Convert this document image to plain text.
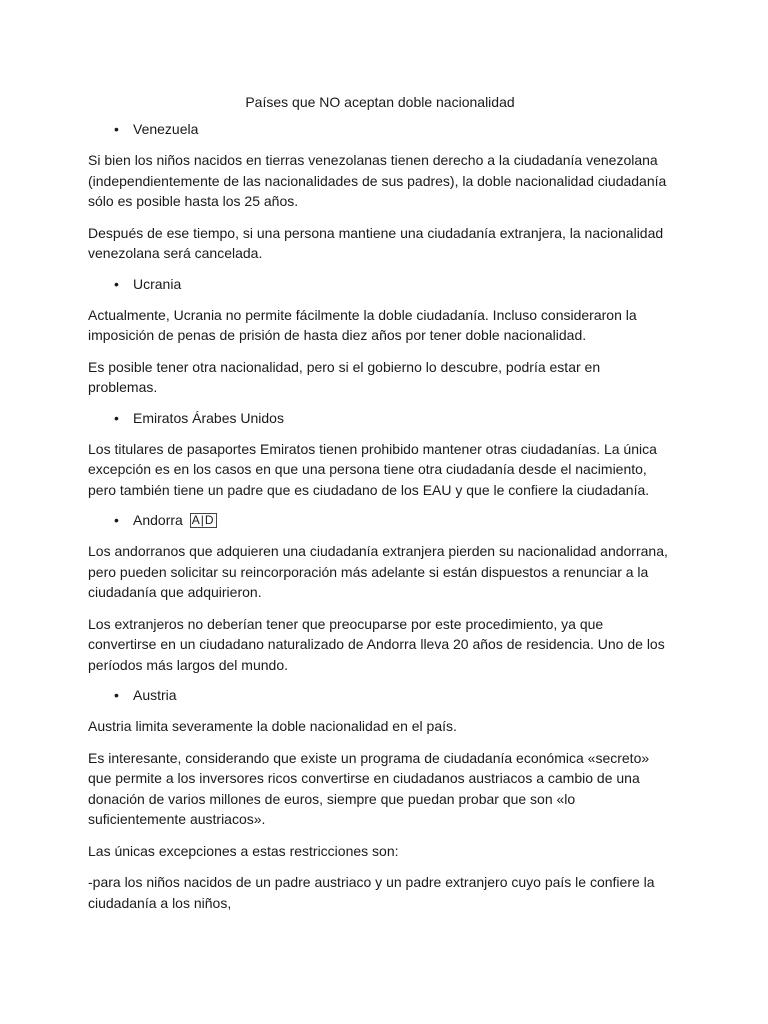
Países que NO aceptan doble nacionalidad
• Venezuela

Si bien los niños nacidos en tierras venezolanas tienen derecho a la ciudadanía venezolana (independientemente de las nacionalidades de sus padres), la doble nacionalidad ciudadanía sólo es posible hasta los 25 años.

Después de ese tiempo, si una persona mantiene una ciudadanía extranjera, la nacionalidad venezolana será cancelada.

• Ucrania

Actualmente, Ucrania no permite fácilmente la doble ciudadanía. Incluso consideraron la imposición de penas de prisión de hasta diez años por tener doble nacionalidad.

Es posible tener otra nacionalidad, pero si el gobierno lo descubre, podría estar en problemas.

• Emiratos Árabes Unidos

Los titulares de pasaportes Emiratos tienen prohibido mantener otras ciudadanías. La única excepción es en los casos en que una persona tiene otra ciudadanía desde el nacimiento, pero también tiene un padre que es ciudadano de los EAU y que le confiere la ciudadanía.

• Andorra A|D

Los andorranos que adquieren una ciudadanía extranjera pierden su nacionalidad andorrana, pero pueden solicitar su reincorporación más adelante si están dispuestos a renunciar a la ciudadanía que adquirieron.

Los extranjeros no deberían tener que preocuparse por este procedimiento, ya que convertirse en un ciudadano naturalizado de Andorra lleva 20 años de residencia. Uno de los períodos más largos del mundo.

• Austria

Austria limita severamente la doble nacionalidad en el país.

Es interesante, considerando que existe un programa de ciudadanía económica «secreto» que permite a los inversores ricos convertirse en ciudadanos austriacos a cambio de una donación de varios millones de euros, siempre que puedan probar que son «lo suficientemente austriacos».

Las únicas excepciones a estas restricciones son:

-para los niños nacidos de un padre austriaco y un padre extranjero cuyo país le confiere la ciudadanía a los niños,
